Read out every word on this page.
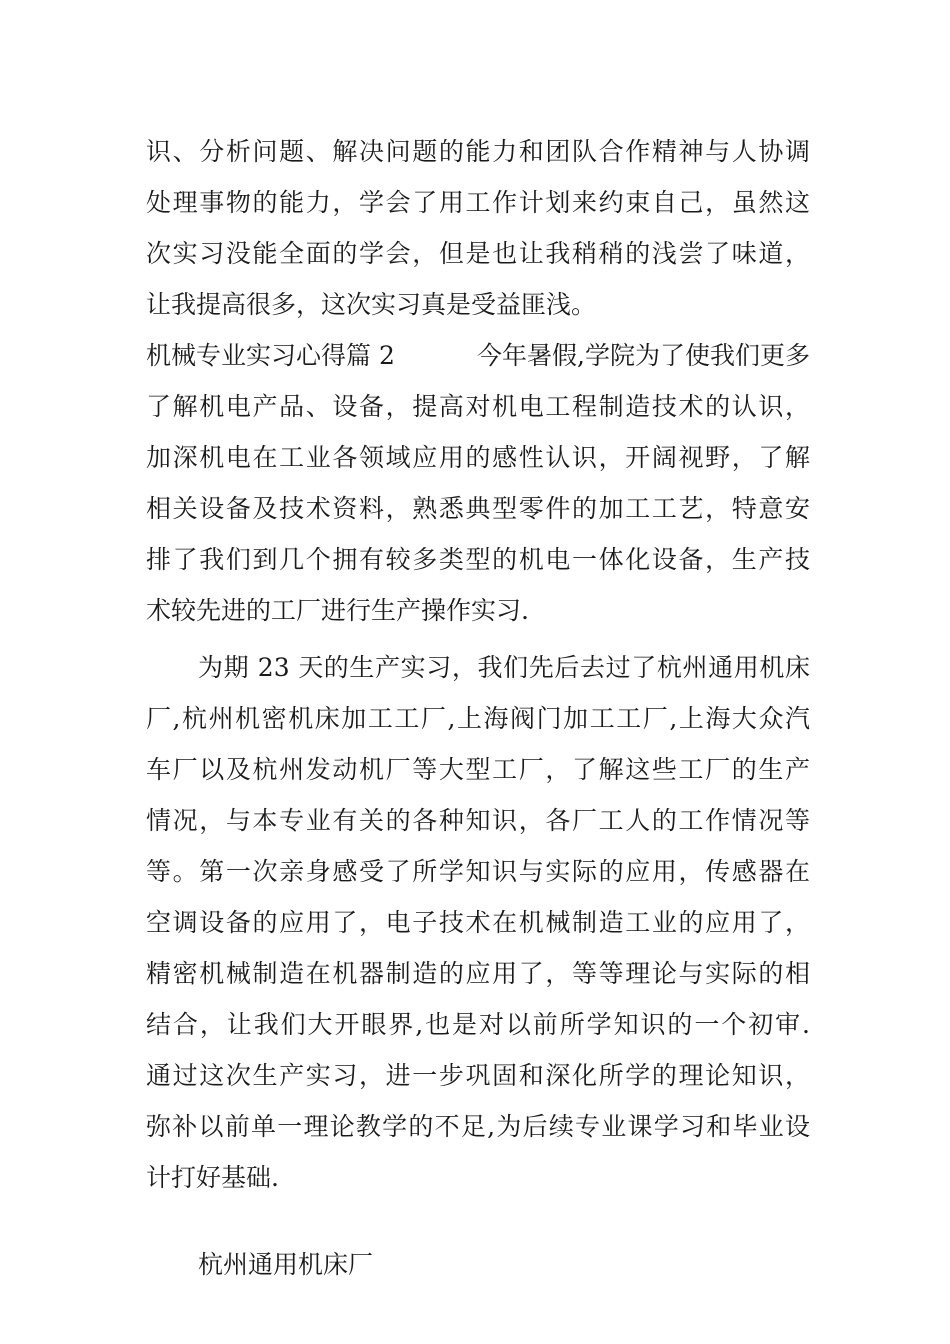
识、分析问题、解决问题的能力和团队合作精神与人协调
处理事物的能力，学会了用工作计划来约束自己，虽然这
次实习没能全面的学会，但是也让我稍稍的浅尝了味道，
让我提高很多，这次实习真是受益匪浅。
机械专业实习心得篇 2	今年暑假,学院为了使我们更多
了解机电产品、设备，提高对机电工程制造技术的认识，
加深机电在工业各领域应用的感性认识，开阔视野，了解
相关设备及技术资料，熟悉典型零件的加工工艺，特意安
排了我们到几个拥有较多类型的机电一体化设备，生产技
术较先进的工厂进行生产操作实习.
为期 23 天的生产实习，我们先后去过了杭州通用机床
厂,杭州机密机床加工工厂,上海阀门加工工厂,上海大众汽
车厂以及杭州发动机厂等大型工厂，了解这些工厂的生产
情况，与本专业有关的各种知识，各厂工人的工作情况等
等。第一次亲身感受了所学知识与实际的应用，传感器在
空调设备的应用了，电子技术在机械制造工业的应用了，
精密机械制造在机器制造的应用了，等等理论与实际的相
结合，让我们大开眼界,也是对以前所学知识的一个初审.
通过这次生产实习，进一步巩固和深化所学的理论知识，
弥补以前单一理论教学的不足,为后续专业课学习和毕业设
计打好基础.
杭州通用机床厂
